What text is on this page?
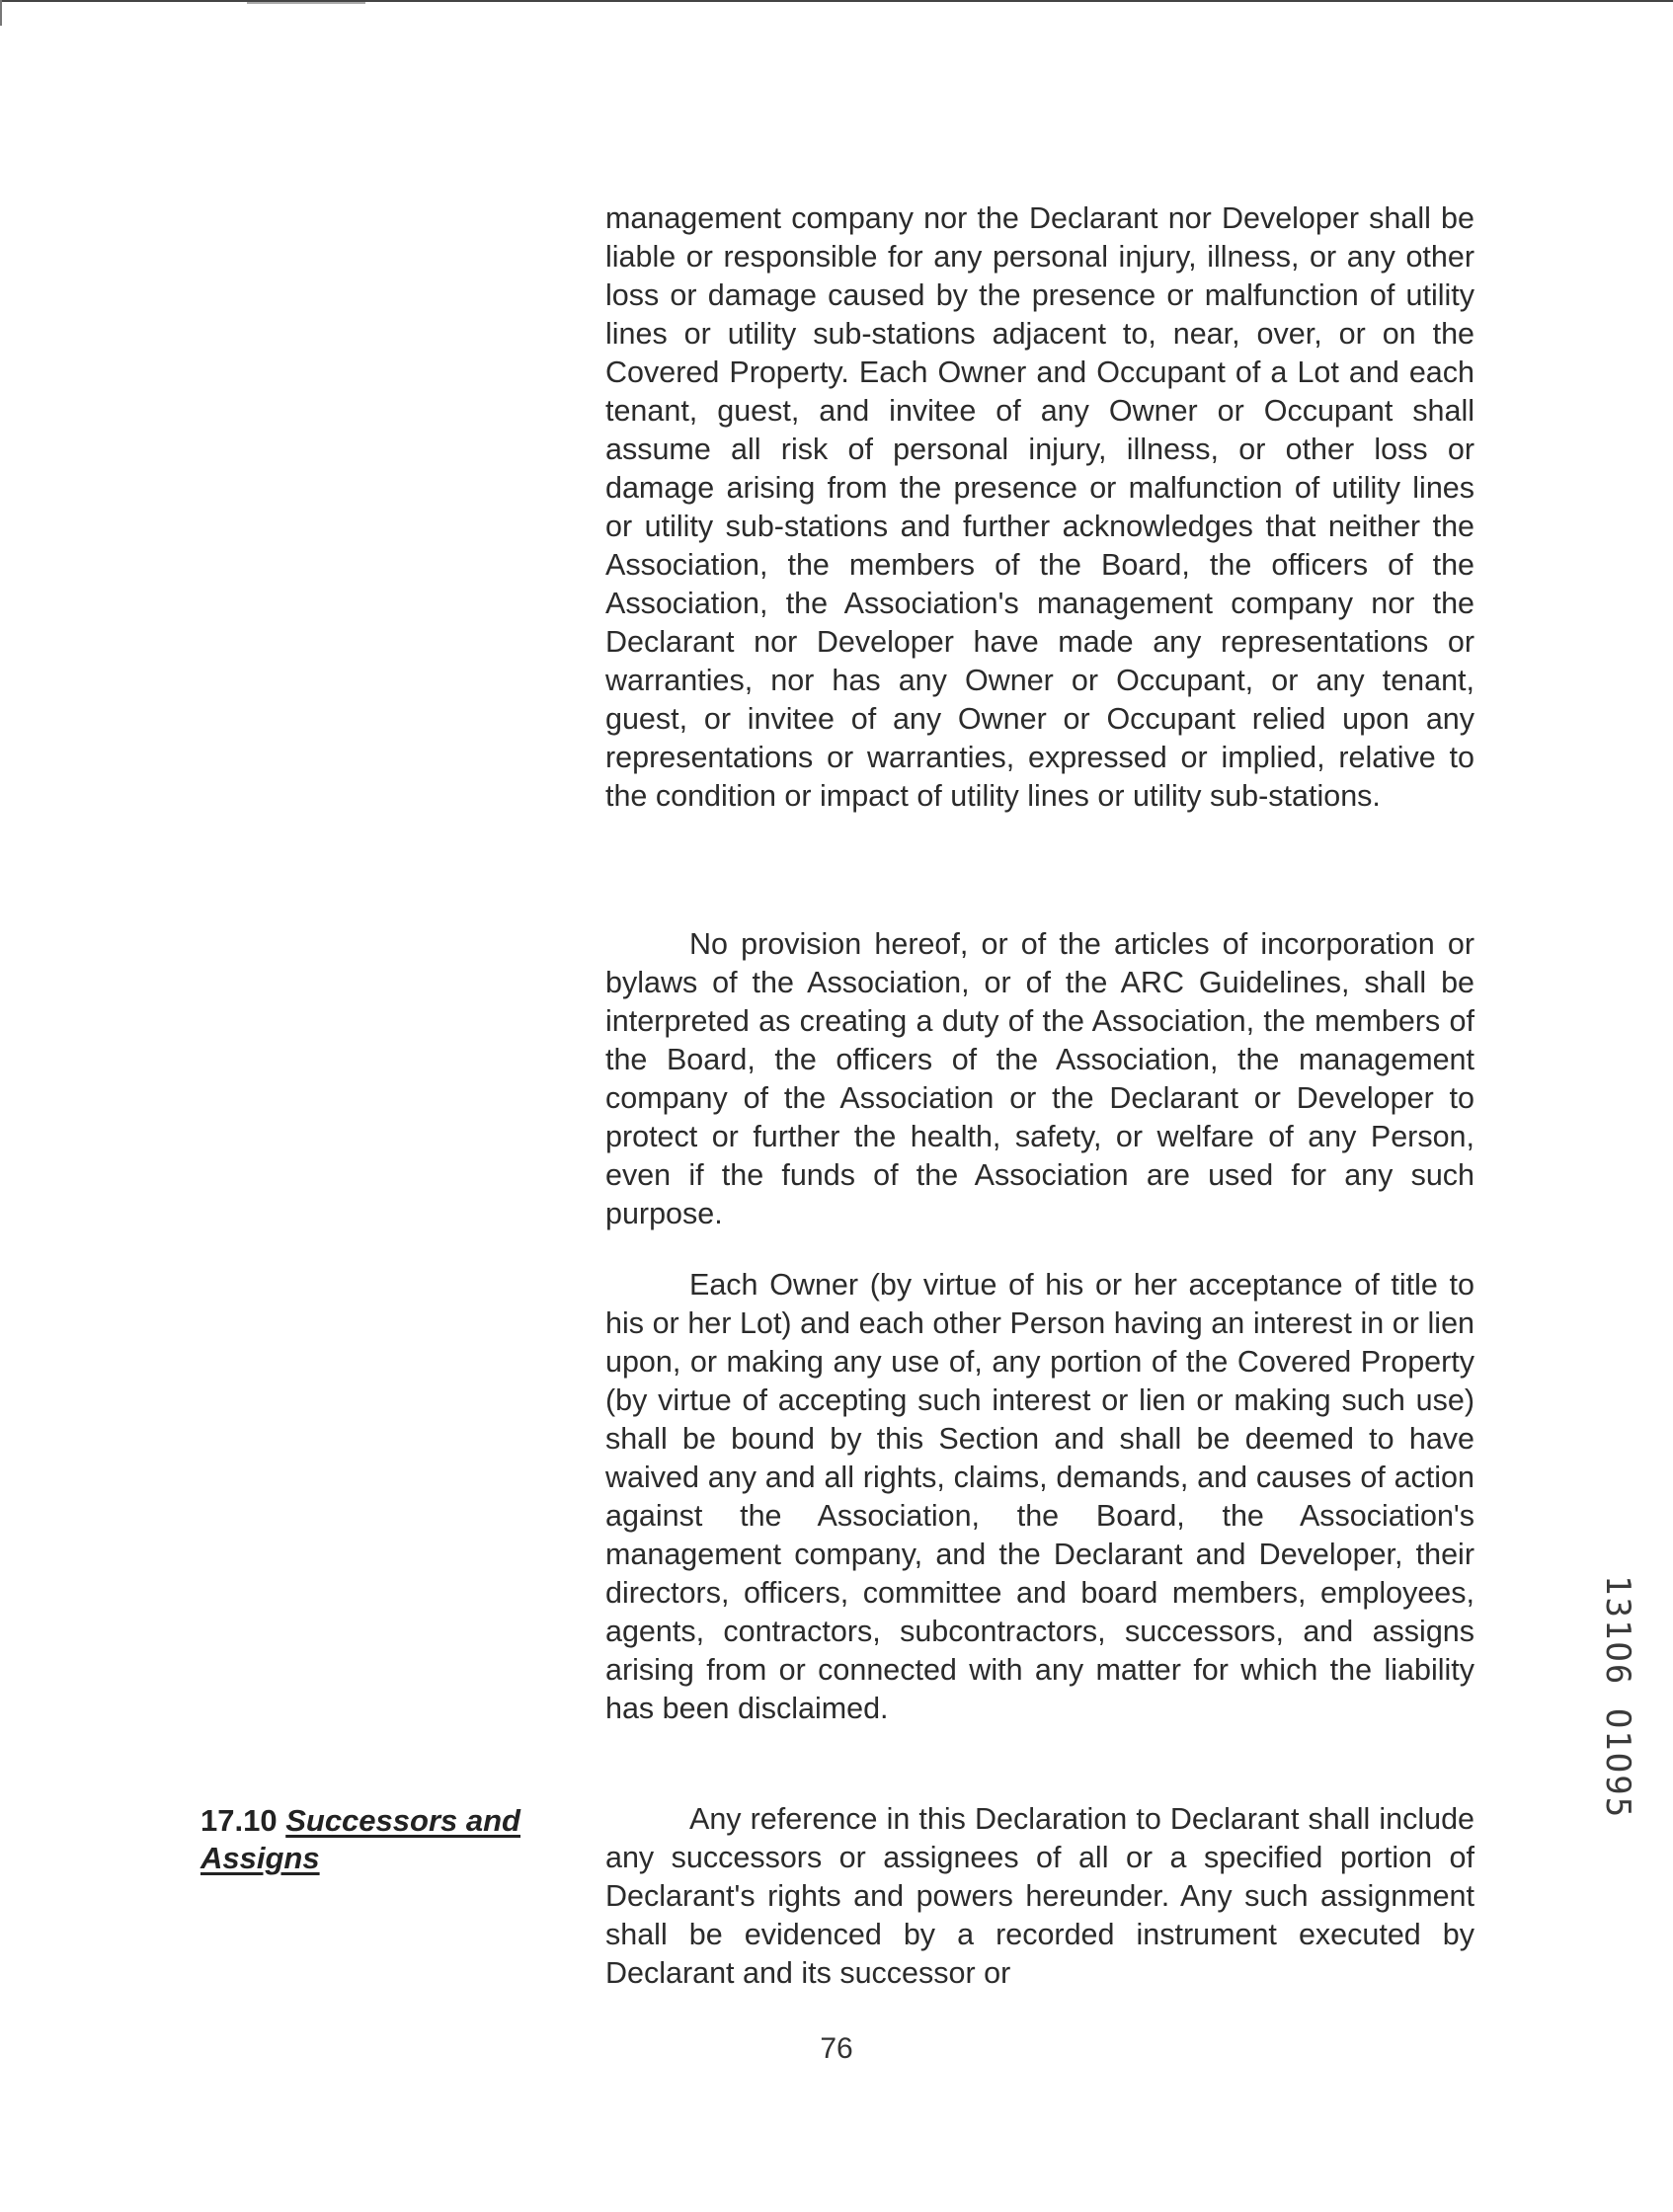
management company nor the Declarant nor Developer shall be liable or responsible for any personal injury, illness, or any other loss or damage caused by the presence or malfunction of utility lines or utility sub-stations adjacent to, near, over, or on the Covered Property. Each Owner and Occupant of a Lot and each tenant, guest, and invitee of any Owner or Occupant shall assume all risk of personal injury, illness, or other loss or damage arising from the presence or malfunction of utility lines or utility sub-stations and further acknowledges that neither the Association, the members of the Board, the officers of the Association, the Association's management company nor the Declarant nor Developer have made any representations or warranties, nor has any Owner or Occupant, or any tenant, guest, or invitee of any Owner or Occupant relied upon any representations or warranties, expressed or implied, relative to the condition or impact of utility lines or utility sub-stations.

No provision hereof, or of the articles of incorporation or bylaws of the Association, or of the ARC Guidelines, shall be interpreted as creating a duty of the Association, the members of the Board, the officers of the Association, the management company of the Association or the Declarant or Developer to protect or further the health, safety, or welfare of any Person, even if the funds of the Association are used for any such purpose.

Each Owner (by virtue of his or her acceptance of title to his or her Lot) and each other Person having an interest in or lien upon, or making any use of, any portion of the Covered Property (by virtue of accepting such interest or lien or making such use) shall be bound by this Section and shall be deemed to have waived any and all rights, claims, demands, and causes of action against the Association, the Board, the Association's management company, and the Declarant and Developer, their directors, officers, committee and board members, employees, agents, contractors, subcontractors, successors, and assigns arising from or connected with any matter for which the liability has been disclaimed.

17.10 Successors and Assigns

Any reference in this Declaration to Declarant shall include any successors or assignees of all or a specified portion of Declarant's rights and powers hereunder. Any such assignment shall be evidenced by a recorded instrument executed by Declarant and its successor or

76
131O6 O1O95
